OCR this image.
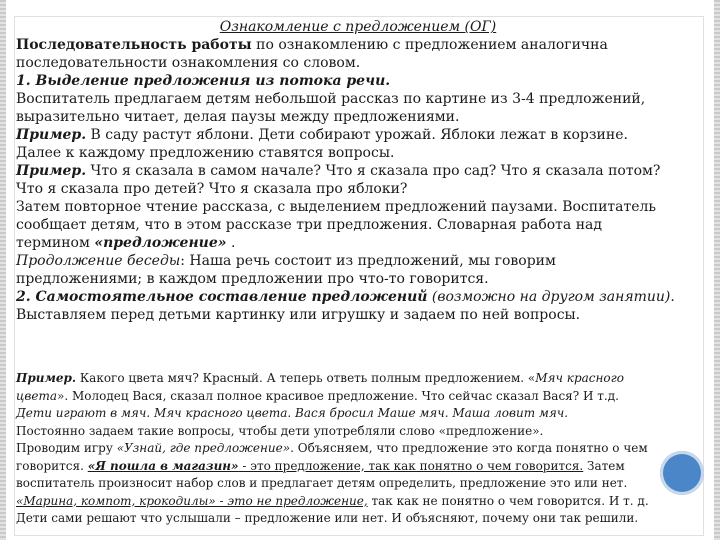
Ознакомление с предложением (ОГ)

Последовательность работы по ознакомлению с предложением аналогична

последовательности ознакомления со словом.

1. Выделение предложения из потока речи.

Воспитатель предлагаем детям небольшой рассказ по картине из 3-4 предложений,

выразительно читает, делая паузы между предложениями.

Пример. В саду растут яблони. Дети собирают урожай. Яблоки лежат в корзине.

Далее к каждому предложению ставятся вопросы.

Пример. Что я сказала в самом начале? Что я сказала про сад? Что я сказала потом?

Что я сказала про детей? Что я сказала про яблоки?

Затем повторное чтение рассказа, с выделением предложений паузами. Воспитатель

сообщает детям, что в этом рассказе три предложения. Словарная работа над

термином «предложение» .

Продолжение беседы: Наша речь состоит из предложений, мы говорим

предложениями; в каждом предложении про что-то говорится.

2. Самостоятельное составление предложений (возможно на другом занятии).

Выставляем перед детьми картинку или игрушку и задаем по ней вопросы.

Пример. Какого цвета мяч? Красный. А теперь ответь полным предложением. «Мяч красного

цвета». Молодец Вася, сказал полное красивое предложение. Что сейчас сказал Вася? И т.д.

Дети играют в мяч. Мяч красного цвета. Вася бросил Маше мяч. Маша ловит мяч.

Постоянно задаем такие вопросы, чтобы дети употребляли слово «предложение».

Проводим игру «Узнай, где предложение». Объясняем, что предложение это когда понятно о чем

говорится. «Я пошла в магазин» - это предложение, так как понятно о чем говорится. Затем

воспитатель произносит набор слов и предлагает детям определить, предложение это или нет.

«Марина, компот, крокодилы» - это не предложение, так как не понятно о чем говорится. И т. д.

Дети сами решают что услышали – предложение или нет. И объясняют, почему они так решили.
